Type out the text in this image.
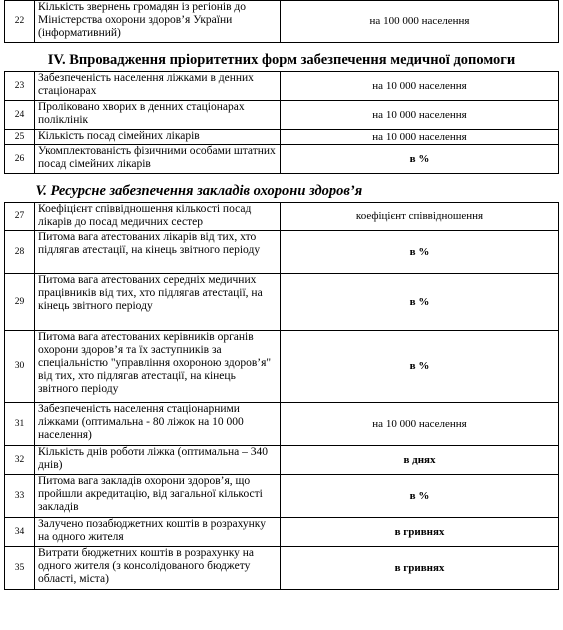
22	Кількість звернень громадян із регіонів до Міністерства охорони здоров’я України (інформативний)	на 100 000 населення
IV. Впровадження пріоритетних форм забезпечення медичної допомоги		
23	Забезпеченість населення ліжками в денних стаціонарах	на 10 000 населення
24	Проліковано хворих в денних стаціонарах поліклінік	на 10 000 населення
25	Кількість посад сімейних лікарів	на 10 000 населення
26	Укомплектованість фізичними особами штатних посад сімейних лікарів	в %
V. Ресурсне забезпечення закладів охорони здоров’я		
27	Коефіцієнт співвідношення кількості посад лікарів до посад медичних сестер	коефіцієнт співвідношення
28	Питома вага атестованих лікарів від тих, хто підлягав атестації, на кінець звітного періоду	в %
29	Питома вага атестованих середніх медичних працівників від тих, хто підлягав атестації, на кінець звітного періоду	в %
30	Питома вага атестованих керівників органів охорони здоров’я та їх заступників за спеціальністю "управління охороною здоров’я" від тих, хто підлягав атестації, на кінець звітного періоду	в %
31	Забезпеченість населення стаціонарними ліжками (оптимальна - 80 ліжок на 10 000 населення)	на 10 000 населення
32	Кількість днів роботи ліжка (оптимальна – 340 днів)	в днях
33	Питома вага закладів охорони здоров’я, що пройшли акредитацію, від загальної кількості закладів	в %
34	Залучено позабюджетних коштів в розрахунку на одного жителя	в гривнях
35	Витрати бюджетних коштів в розрахунку на одного жителя (з консолідованого бюджету області, міста)	в гривнях
